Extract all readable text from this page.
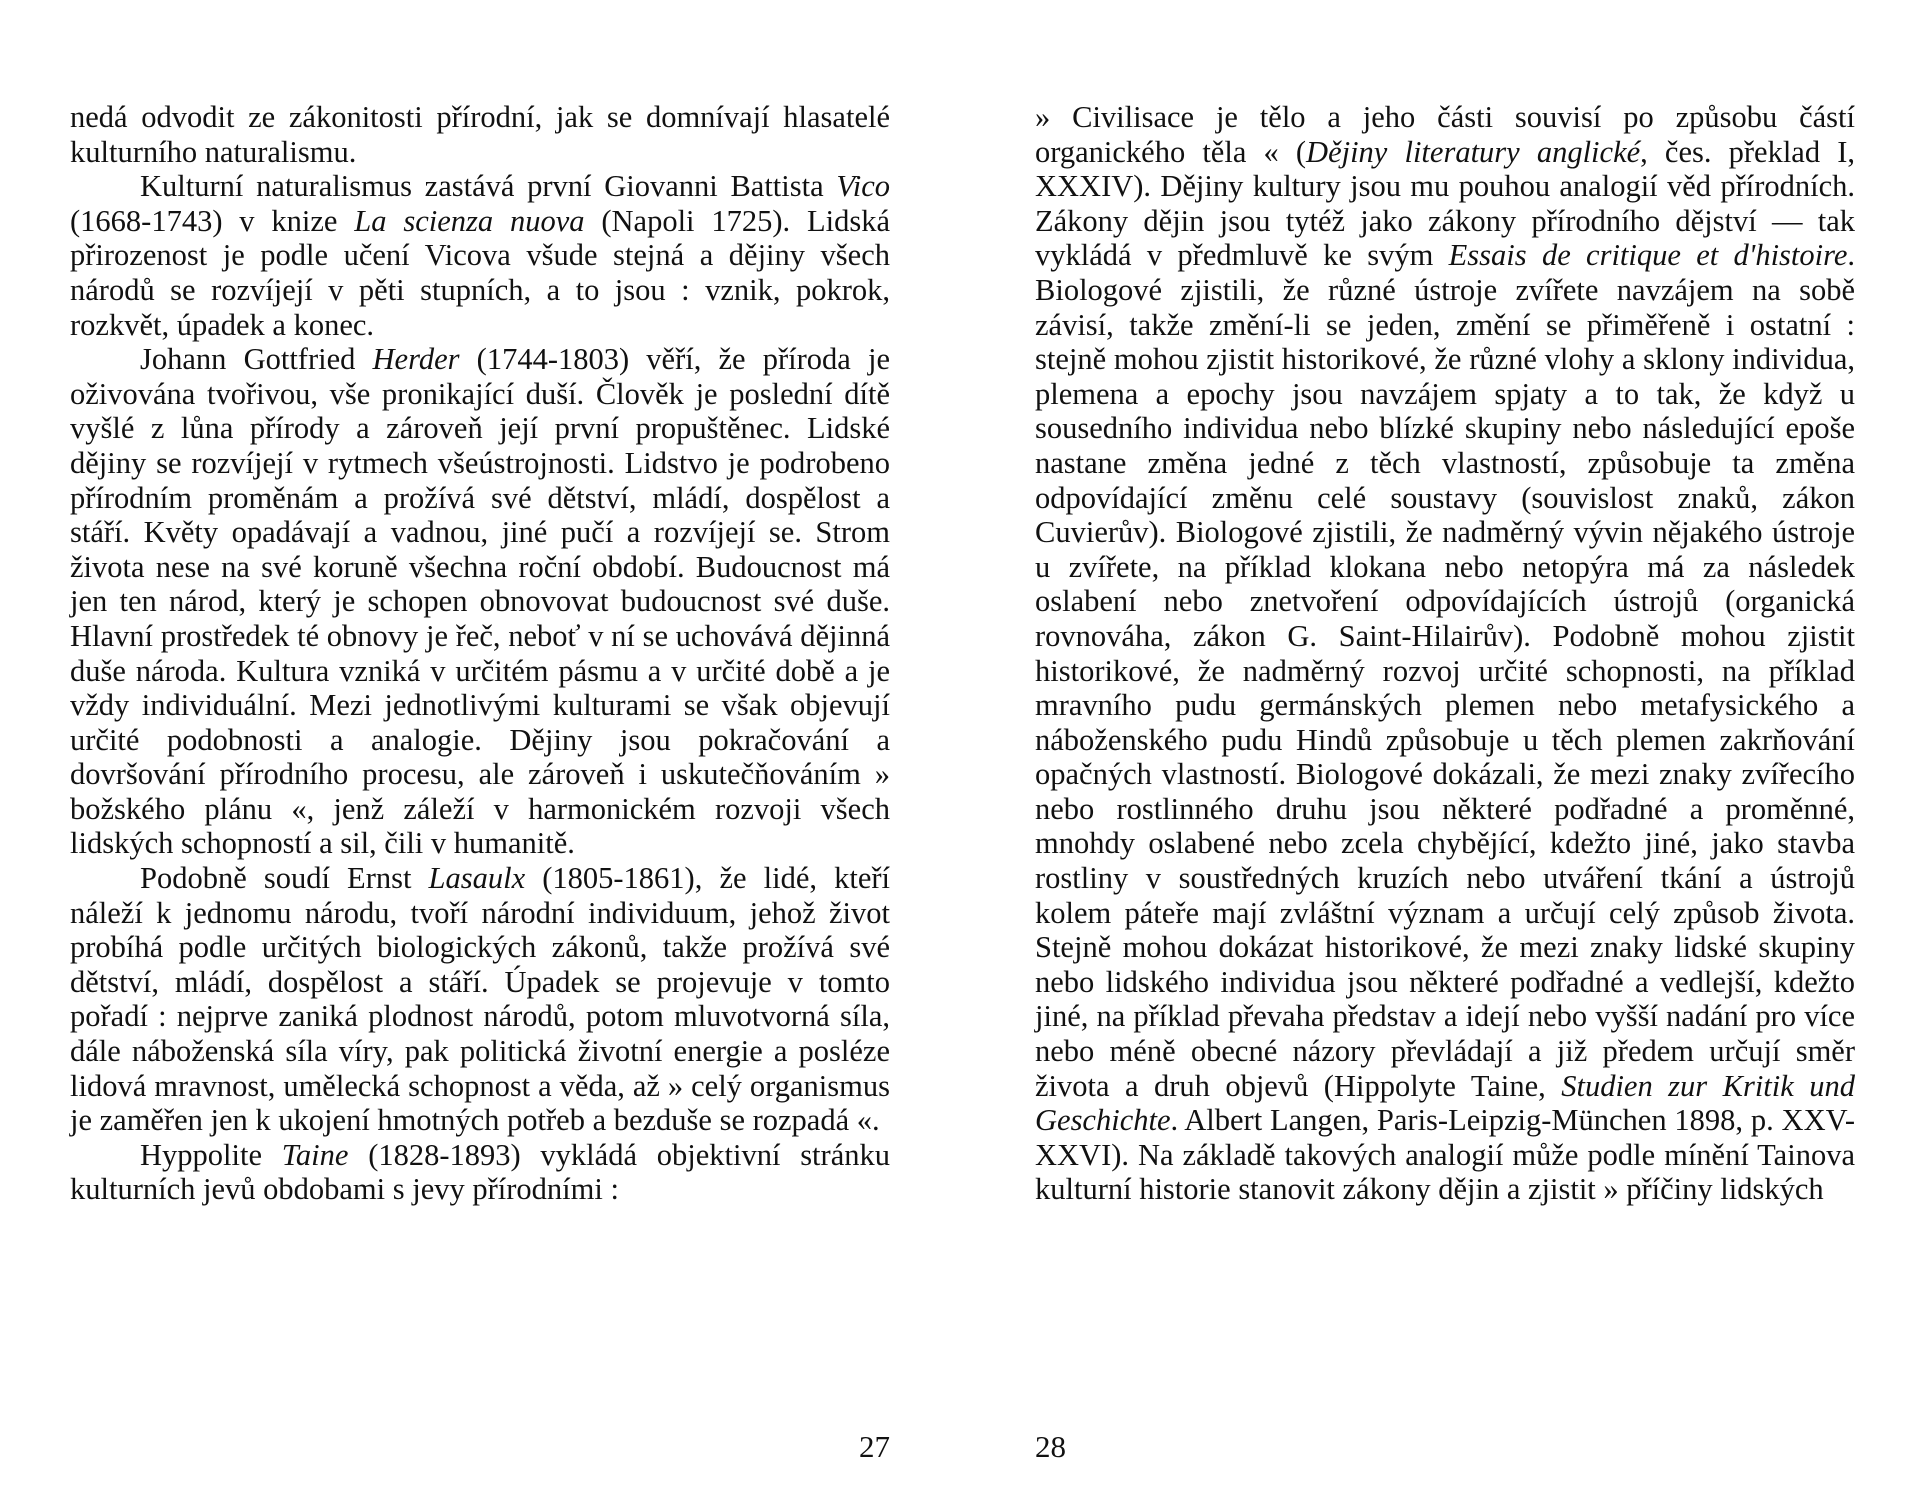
nedá odvodit ze zákonitosti přírodní, jak se domnívají hlasatelé kulturního naturalismu.

Kulturní naturalismus zastává první Giovanni Battista Vico (1668-1743) v knize La scienza nuova (Napoli 1725). Lidská přirozenost je podle učení Vicova všude stejná a dějiny všech národů se rozvíjejí v pěti stupních, a to jsou : vznik, pokrok, rozkvět, úpadek a konec.

Johann Gottfried Herder (1744-1803) věří, že příroda je oživována tvořivou, vše pronikající duší. Člověk je poslední dítě vyšlé z lůna přírody a zároveň její první propuštěnec. Lidské dějiny se rozvíjejí v rytmech všeústrojnosti. Lidstvo je podrobeno přírodním proměnám a prožívá své dětství, mládí, dospělost a stáří. Květy opadávají a vadnou, jiné pučí a rozvíjejí se. Strom života nese na své koruně všechna roční období. Budoucnost má jen ten národ, který je schopen obnovovat budoucnost své duše. Hlavní prostředek té obnovy je řeč, neboť v ní se uchovává dějinná duše národa. Kultura vzniká v určitém pásmu a v určité době a je vždy individuální. Mezi jednotlivými kulturami se však objevují určité podobnosti a analogie. Dějiny jsou pokračování a dovršování přírodního procesu, ale zároveň i uskutečňováním » božského plánu «, jenž záleží v harmonickém rozvoji všech lidských schopností a sil, čili v humanitě.

Podobně soudí Ernst Lasaulx (1805-1861), že lidé, kteří náleží k jednomu národu, tvoří národní individuum, jehož život probíhá podle určitých biologických zákonů, takže prožívá své dětství, mládí, dospělost a stáří. Úpadek se projevuje v tomto pořadí : nejprve zaniká plodnost národů, potom mluvotvorná síla, dále náboženská síla víry, pak politická životní energie a posléze lidová mravnost, umělecká schopnost a věda, až » celý organismus je zaměřen jen k ukojení hmotných potřeb a bezduše se rozpadá «.

Hyppolite Taine (1828-1893) vykládá objektivní stránku kulturních jevů obdobami s jevy přírodními :

27

» Civilisace je tělo a jeho části souvisí po způsobu částí organického těla « (Dějiny literatury anglické, čes. překlad I, XXXIV). Dějiny kultury jsou mu pouhou analogií věd přírodních. Zákony dějin jsou tytéž jako zákony přírodního dějství — tak vykládá v předmluvě ke svým Essais de critique et d'histoire. Biologové zjistili, že různé ústroje zvířete navzájem na sobě závisí, takže změní-li se jeden, změní se přiměřeně i ostatní : stejně mohou zjistit historikové, že různé vlohy a sklony individua, plemena a epochy jsou navzájem spjaty a to tak, že když u sousedního individua nebo blízké skupiny nebo následující epoše nastane změna jedné z těch vlastností, způsobuje ta změna odpovídající změnu celé soustavy (souvislost znaků, zákon Cuvierův). Biologové zjistili, že nadměrný vývin nějakého ústroje u zvířete, na příklad klokana nebo netopýra má za následek oslabení nebo znetvoření odpovídajících ústrojů (organická rovnováha, zákon G. Saint-Hilairův). Podobně mohou zjistit historikové, že nadměrný rozvoj určité schopnosti, na příklad mravního pudu germánských plemen nebo metafysického a náboženského pudu Hindů způsobuje u těch plemen zakrňování opačných vlastností. Biologové dokázali, že mezi znaky zvířecího nebo rostlinného druhu jsou některé podřadné a proměnné, mnohdy oslabené nebo zcela chybějící, kdežto jiné, jako stavba rostliny v soustředných kruzích nebo utváření tkání a ústrojů kolem páteře mají zvláštní význam a určují celý způsob života. Stejně mohou dokázat historikové, že mezi znaky lidské skupiny nebo lidského individua jsou některé podřadné a vedlejší, kdežto jiné, na příklad převaha představ a idejí nebo vyšší nadání pro více nebo méně obecné názory převládají a již předem určují směr života a druh objevů (Hippolyte Taine, Studien zur Kritik und Geschichte. Albert Langen, Paris-Leipzig-München 1898, p. XXV-XXVI). Na základě takových analogií může podle mínění Tainova kulturní historie stanovit zákony dějin a zjistit » příčiny lidských

28
